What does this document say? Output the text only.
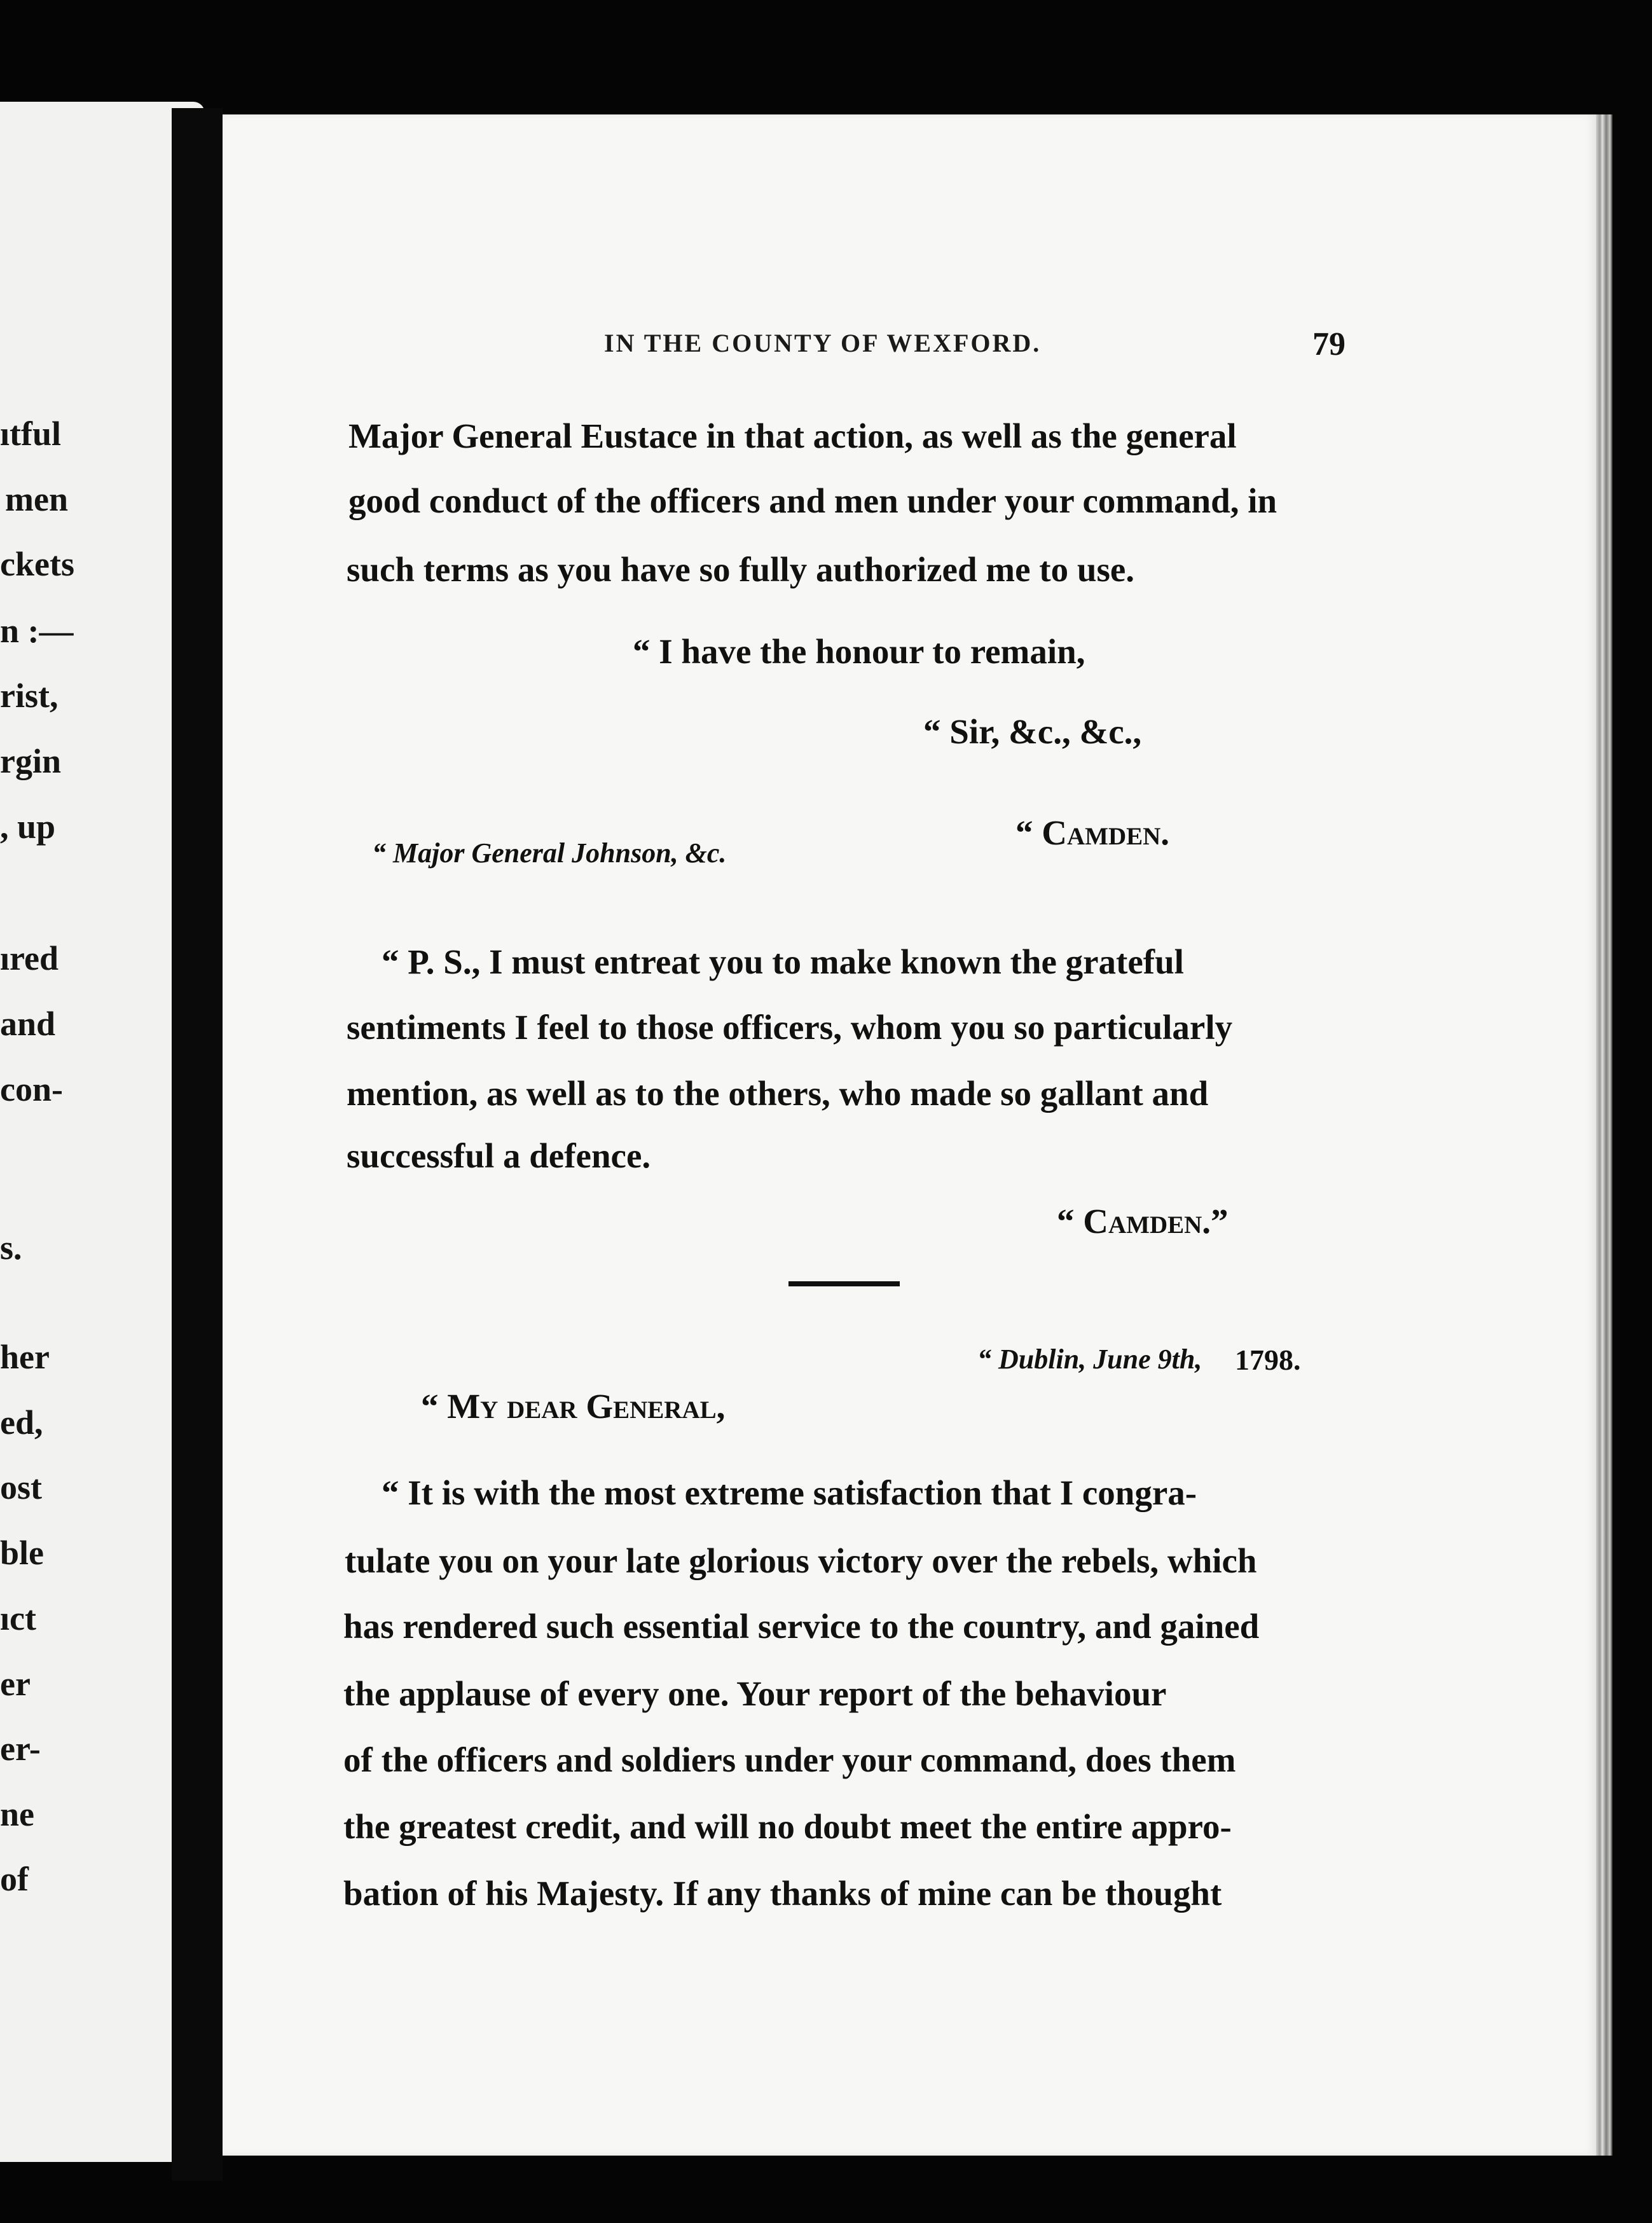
ıtful
men
ckets
n :—
rist,
rgin
, up
ıred
and
con-
s.
her
ed,
ost
ble
ıct
er
er-
ne
of
IN THE COUNTY OF WEXFORD.	79
Major General Eustace in that action, as well as the general
good conduct of the officers and men under your command, in
such terms as you have so fully authorized me to use.
“ I have the honour to remain,
“ Sir, &c., &c.,
“ Camden.
“ Major General Johnson, &c.
“ P. S., I must entreat you to make known the grateful
sentiments I feel to those officers, whom you so particularly
mention, as well as to the others, who made so gallant and
successful a defence.
“ Camden.”
“ Dublin, June 9th, 1798.
“ My dear General,
“ It is with the most extreme satisfaction that I congra-
tulate you on your late glorious victory over the rebels, which
has rendered such essential service to the country, and gained
the applause of every one. Your report of the behaviour
of the officers and soldiers under your command, does them
the greatest credit, and will no doubt meet the entire appro-
bation of his Majesty. If any thanks of mine can be thought
